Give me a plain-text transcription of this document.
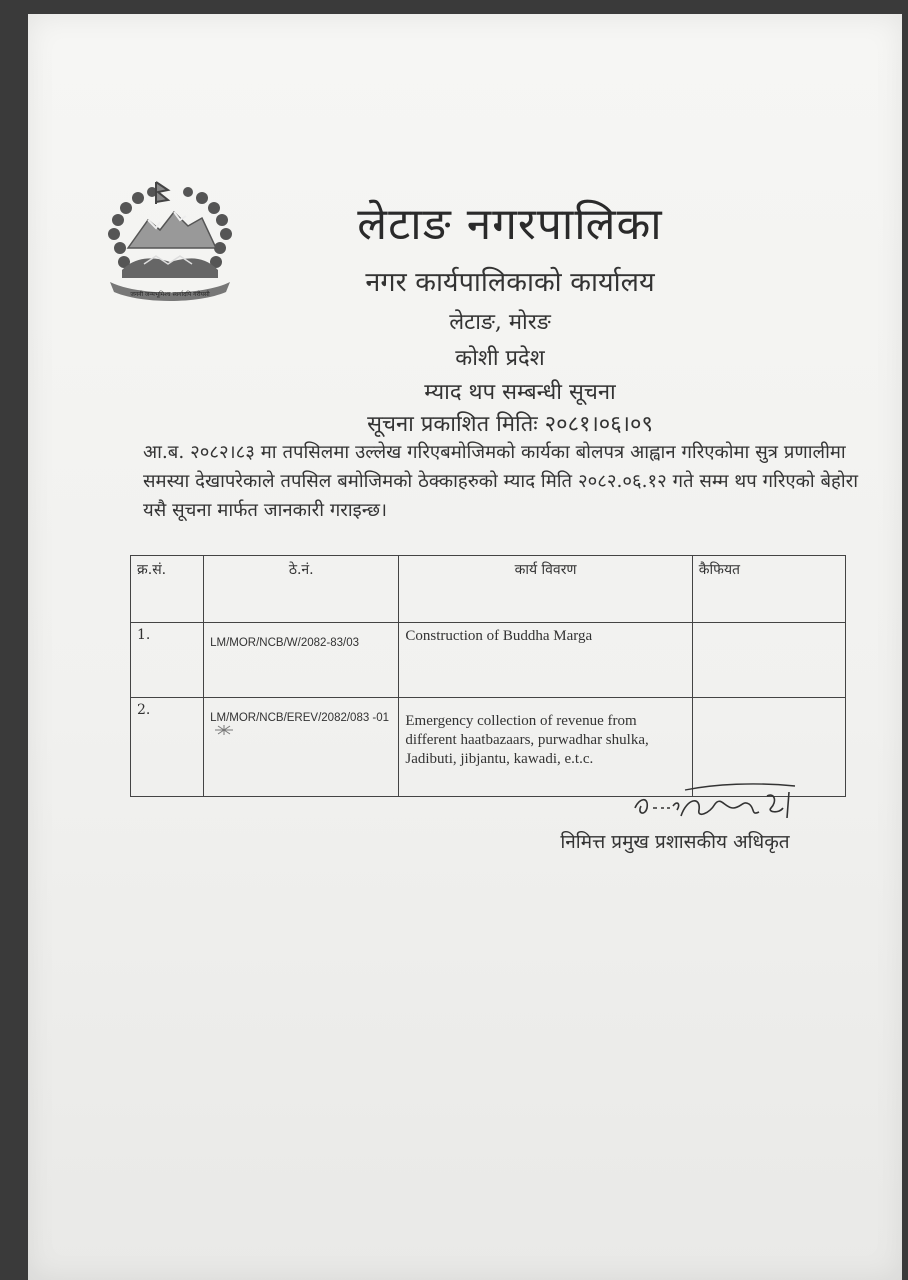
जननी जन्मभूमिश्च स्वर्गादपि गरीयसी
लेटाङ नगरपालिका
नगर कार्यपालिकाको कार्यालय
लेटाङ, मोरङ
कोशी प्रदेश
म्याद थप सम्बन्धी सूचना
सूचना प्रकाशित मितिः २०८१।०६।०९
आ.ब. २०८२।८३ मा तपसिलमा उल्लेख गरिएबमोजिमको कार्यका बोलपत्र आह्वान गरिएकोमा सुत्र प्रणालीमा समस्या देखापरेकाले तपसिल बमोजिमको ठेक्काहरुको म्याद मिति २०८२.०६.१२ गते सम्म थप गरिएको बेहोरा यसै सूचना मार्फत जानकारी गराइन्छ।
क्र.सं.	ठे.नं.	कार्य विवरण	कैफियत
1.	LM/MOR/NCB/W/2082-83/03	Construction of Buddha Marga	
2.	LM/MOR/NCB/EREV/2082/083 -01	Emergency collection of revenue from different haatbazaars, purwadhar shulka, Jadibuti, jibjantu, kawadi, e.t.c.	
निमित्त प्रमुख प्रशासकीय अधिकृत
